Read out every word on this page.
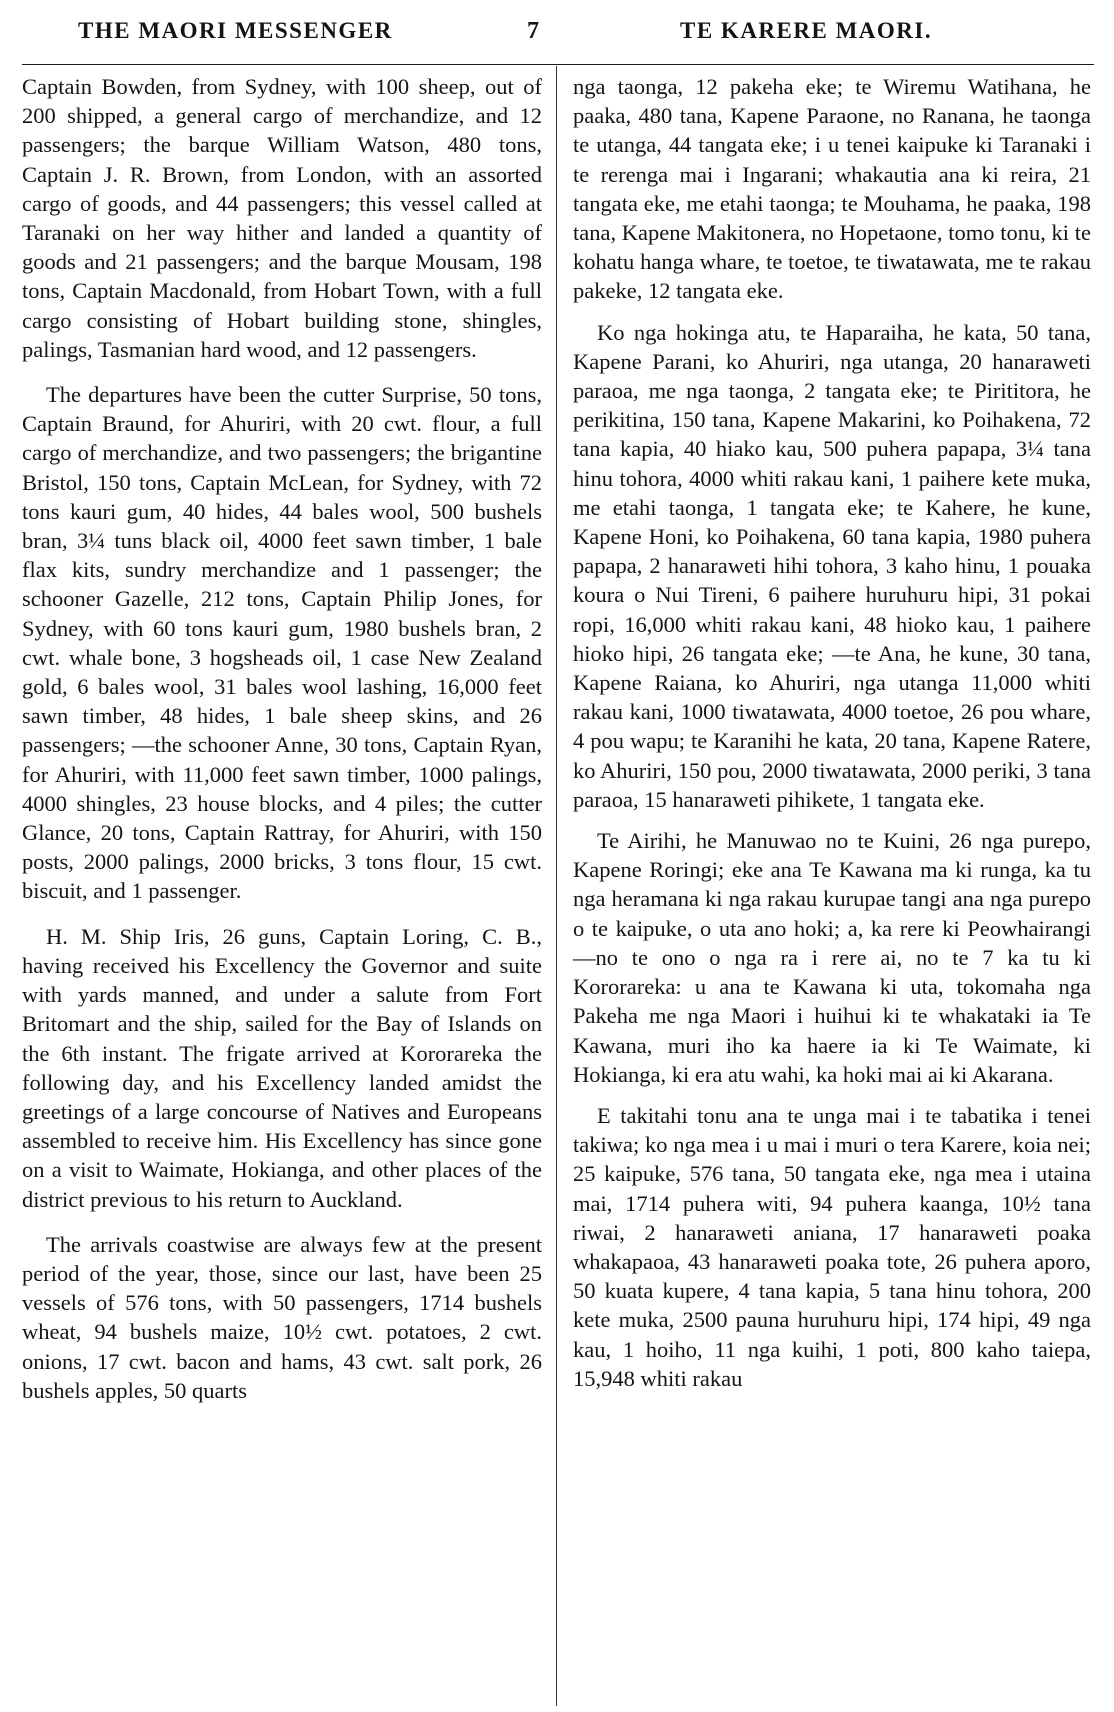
THE MAORI MESSENGER	7	TE KARERE MAORI.

Captain Bowden, from Sydney, with 100 sheep, out of 200 shipped, a general cargo of merchandize, and 12 passengers; the barque William Watson, 480 tons, Captain J. R. Brown, from London, with an assorted cargo of goods, and 44 passengers; this vessel called at Taranaki on her way hither and landed a quantity of goods and 21 passengers; and the barque Mousam, 198 tons, Captain Macdonald, from Hobart Town, with a full cargo consisting of Hobart building stone, shingles, palings, Tasmanian hard wood, and 12 passengers.

The departures have been the cutter Surprise, 50 tons, Captain Braund, for Ahuriri, with 20 cwt. flour, a full cargo of merchandize, and two passengers; the brigantine Bristol, 150 tons, Captain McLean, for Sydney, with 72 tons kauri gum, 40 hides, 44 bales wool, 500 bushels bran, 3¼ tuns black oil, 4000 feet sawn timber, 1 bale flax kits, sundry merchandize and 1 passenger; the schooner Gazelle, 212 tons, Captain Philip Jones, for Sydney, with 60 tons kauri gum, 1980 bushels bran, 2 cwt. whale bone, 3 hogsheads oil, 1 case New Zealand gold, 6 bales wool, 31 bales wool lashing, 16,000 feet sawn timber, 48 hides, 1 bale sheep skins, and 26 passengers; —the schooner Anne, 30 tons, Captain Ryan, for Ahuriri, with 11,000 feet sawn timber, 1000 palings, 4000 shingles, 23 house blocks, and 4 piles; the cutter Glance, 20 tons, Captain Rattray, for Ahuriri, with 150 posts, 2000 palings, 2000 bricks, 3 tons flour, 15 cwt. biscuit, and 1 passenger.

H. M. Ship Iris, 26 guns, Captain Loring, C. B., having received his Excellency the Governor and suite with yards manned, and under a salute from Fort Britomart and the ship, sailed for the Bay of Islands on the 6th instant. The frigate arrived at Kororareka the following day, and his Excellency landed amidst the greetings of a large concourse of Natives and Europeans assembled to receive him. His Excellency has since gone on a visit to Waimate, Hokianga, and other places of the district previous to his return to Auckland.

The arrivals coastwise are always few at the present period of the year, those, since our last, have been 25 vessels of 576 tons, with 50 passengers, 1714 bushels wheat, 94 bushels maize, 10½ cwt. potatoes, 2 cwt. onions, 17 cwt. bacon and hams, 43 cwt. salt pork, 26 bushels apples, 50 quarts

nga taonga, 12 pakeha eke; te Wiremu Watihana, he paaka, 480 tana, Kapene Paraone, no Ranana, he taonga te utanga, 44 tangata eke; i u tenei kaipuke ki Taranaki i te rerenga mai i Ingarani; whakautia ana ki reira, 21 tangata eke, me etahi taonga; te Mouhama, he paaka, 198 tana, Kapene Makitonera, no Hopetaone, tomo tonu, ki te kohatu hanga whare, te toetoe, te tiwatawata, me te rakau pakeke, 12 tangata eke.

Ko nga hokinga atu, te Haparaiha, he kata, 50 tana, Kapene Parani, ko Ahuriri, nga utanga, 20 hanaraweti paraoa, me nga taonga, 2 tangata eke; te Pirititora, he perikitina, 150 tana, Kapene Makarini, ko Poihakena, 72 tana kapia, 40 hiako kau, 500 puhera papapa, 3¼ tana hinu tohora, 4000 whiti rakau kani, 1 paihere kete muka, me etahi taonga, 1 tangata eke; te Kahere, he kune, Kapene Honi, ko Poihakena, 60 tana kapia, 1980 puhera papapa, 2 hanaraweti hihi tohora, 3 kaho hinu, 1 pouaka koura o Nui Tireni, 6 paihere huruhuru hipi, 31 pokai ropi, 16,000 whiti rakau kani, 48 hioko kau, 1 paihere hioko hipi, 26 tangata eke; —te Ana, he kune, 30 tana, Kapene Raiana, ko Ahuriri, nga utanga 11,000 whiti rakau kani, 1000 tiwatawata, 4000 toetoe, 26 pou whare, 4 pou wapu; te Karanihi he kata, 20 tana, Kapene Ratere, ko Ahuriri, 150 pou, 2000 tiwatawata, 2000 periki, 3 tana paraoa, 15 hanaraweti pihikete, 1 tangata eke.

Te Airihi, he Manuwao no te Kuini, 26 nga purepo, Kapene Roringi; eke ana Te Kawana ma ki runga, ka tu nga heramana ki nga rakau kurupae tangi ana nga purepo o te kaipuke, o uta ano hoki; a, ka rere ki Peowhairangi—no te ono o nga ra i rere ai, no te 7 ka tu ki Kororareka: u ana te Kawana ki uta, tokomaha nga Pakeha me nga Maori i huihui ki te whakataki ia Te Kawana, muri iho ka haere ia ki Te Waimate, ki Hokianga, ki era atu wahi, ka hoki mai ai ki Akarana.

E takitahi tonu ana te unga mai i te tabatika i tenei takiwa; ko nga mea i u mai i muri o tera Karere, koia nei; 25 kaipuke, 576 tana, 50 tangata eke, nga mea i utaina mai, 1714 puhera witi, 94 puhera kaanga, 10½ tana riwai, 2 hanaraweti aniana, 17 hanaraweti poaka whakapaoa, 43 hanaraweti poaka tote, 26 puhera aporo, 50 kuata kupere, 4 tana kapia, 5 tana hinu tohora, 200 kete muka, 2500 pauna huruhuru hipi, 174 hipi, 49 nga kau, 1 hoiho, 11 nga kuihi, 1 poti, 800 kaho taiepa, 15,948 whiti rakau
